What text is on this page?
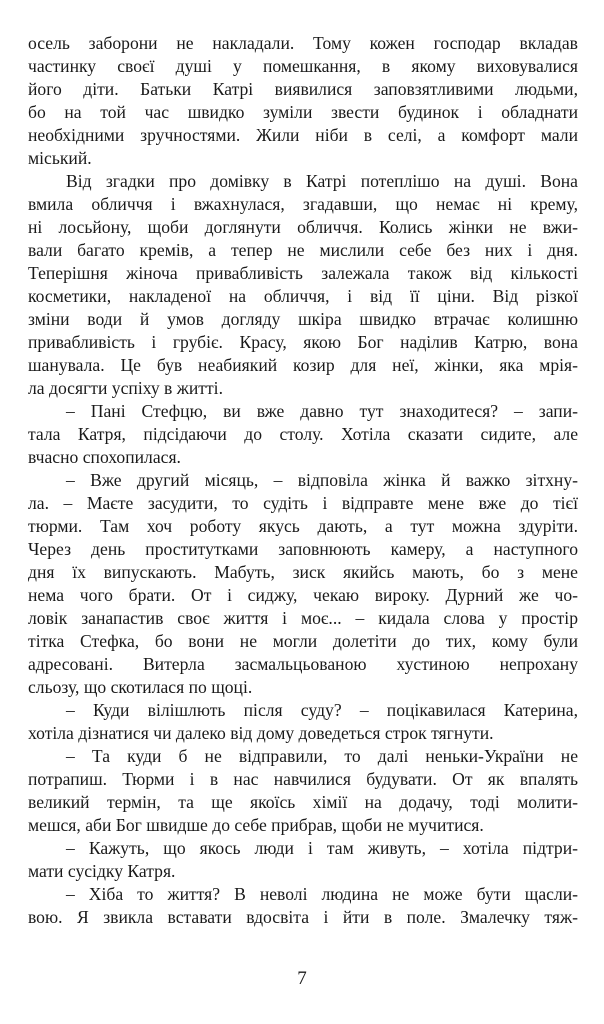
осель заборони не накладали. Тому кожен господар вкладав
частинку своєї душі у помешкання, в якому виховувалися
його діти. Батьки Катрі виявилися заповзятливими людьми,
бо на той час швидко зуміли звести будинок і обладнати
необхідними зручностями. Жили ніби в селі, а комфорт мали
міський.
Від згадки про домівку в Катрі потеплішо на душі. Вона
вмила обличчя і вжахнулася, згадавши, що немає ні крему,
ні лосьйону, щоби доглянути обличчя. Колись жінки не вжи-
вали багато кремів, а тепер не мислили себе без них і дня.
Теперішня жіноча привабливість залежала також від кількості
косметики, накладеної на обличчя, і від її ціни. Від різкої
зміни води й умов догляду шкіра швидко втрачає колишню
привабливість і грубіє. Красу, якою Бог наділив Катрю, вона
шанувала. Це був неабиякий козир для неї, жінки, яка мрія-
ла досягти успіху в житті.
– Пані Стефцю, ви вже давно тут знаходитеся? – запи-
тала Катря, підсідаючи до столу. Хотіла сказати сидите, але
вчасно спохопилася.
– Вже другий місяць, – відповіла жінка й важко зітхну-
ла. – Маєте засудити, то судіть і відправте мене вже до тієї
тюрми. Там хоч роботу якусь дають, а тут можна здуріти.
Через день проститутками заповнюють камеру, а наступного
дня їх випускають. Мабуть, зиск якийсь мають, бо з мене
нема чого брати. От і сиджу, чекаю вироку. Дурний же чо-
ловік занапастив своє життя і моє... – кидала слова у простір
тітка Стефка, бо вони не могли долетіти до тих, кому були
адресовані. Витерла засмальцьованою хустиною непрохану
сльозу, що скотилася по щоці.
– Куди вілішлють після суду? – поцікавилася Катерина,
хотіла дізнатися чи далеко від дому доведеться строк тягнути.
– Та куди б не відправили, то далі неньки-України не
потрапиш. Тюрми і в нас навчилися будувати. От як впалять
великий термін, та ще якоїсь хімії на додачу, тоді молити-
мешся, аби Бог швидше до себе прибрав, щоби не мучитися.
– Кажуть, що якось люди і там живуть, – хотіла підтри-
мати сусідку Катря.
– Хіба то життя? В неволі людина не може бути щасли-
вою. Я звикла вставати вдосвіта і йти в поле. Змалечку тяж-
7
